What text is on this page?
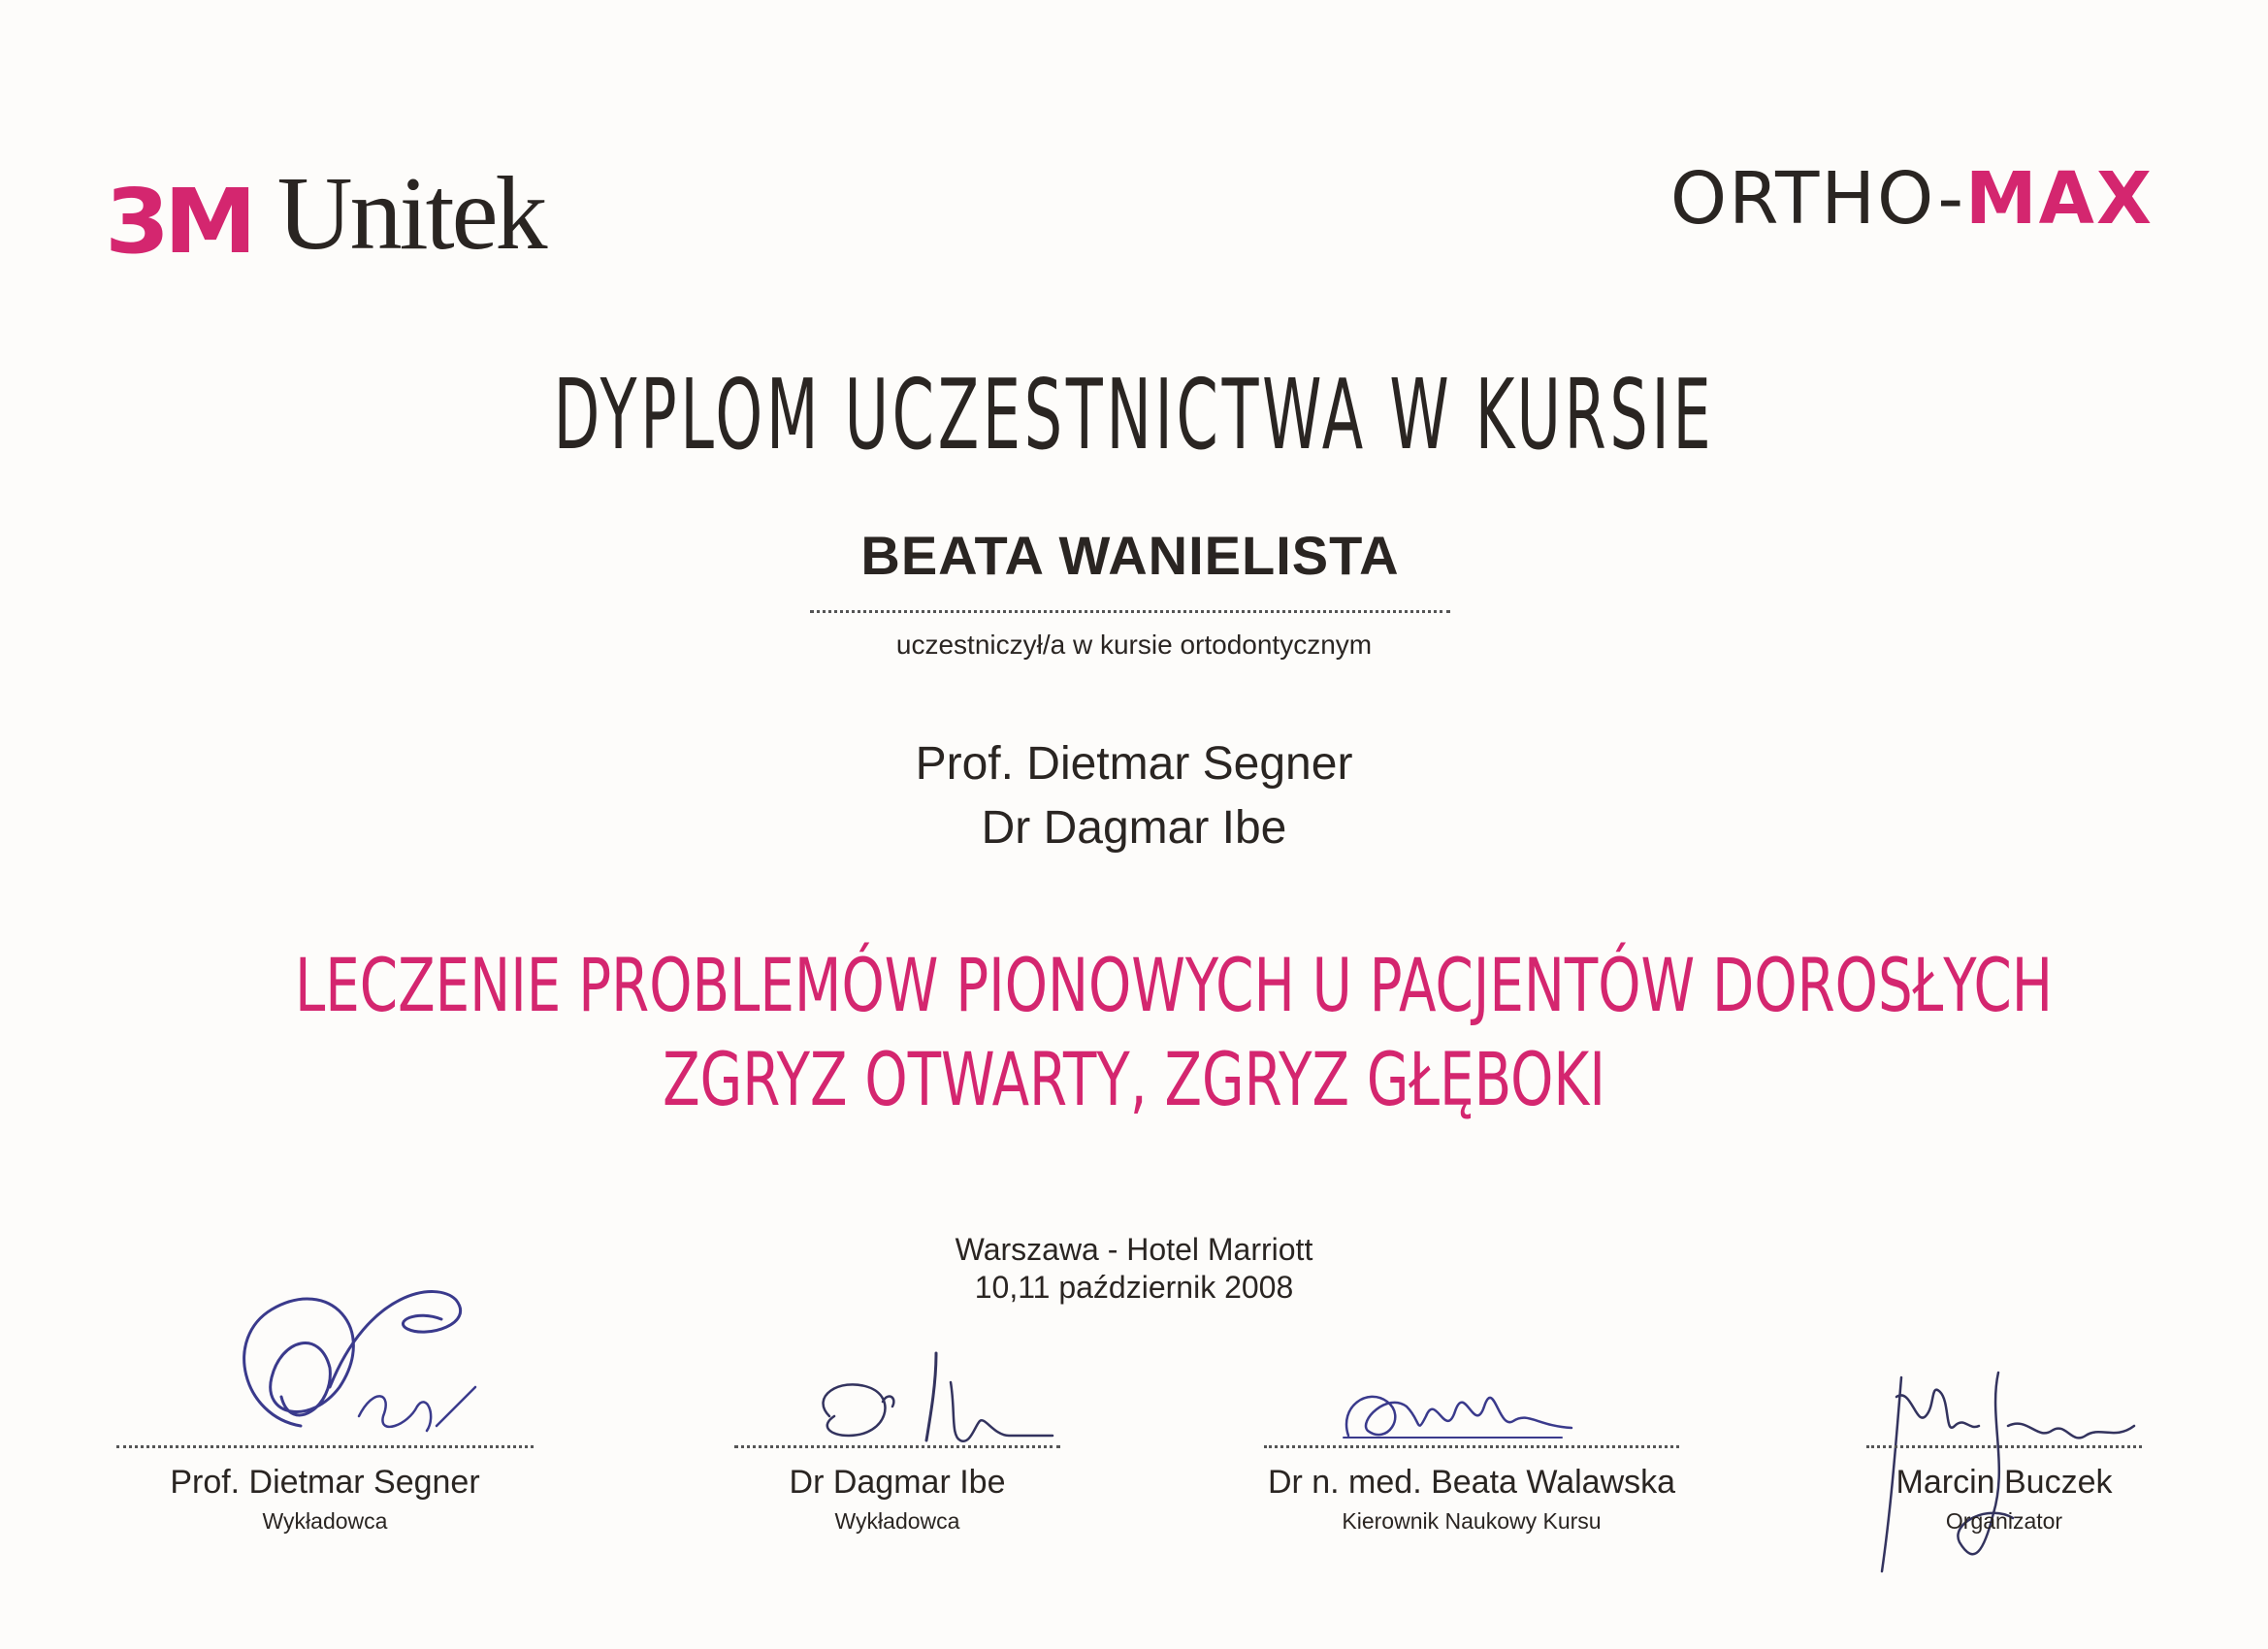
3M Unitek	ORTHO-MAX
DYPLOM UCZESTNICTWA W KURSIE
BEATA WANIELISTA
uczestniczył/a w kursie ortodontycznym
Prof. Dietmar Segner
Dr Dagmar Ibe
LECZENIE PROBLEMÓW PIONOWYCH U PACJENTÓW DOROSŁYCH
ZGRYZ OTWARTY, ZGRYZ GŁĘBOKI
Warszawa - Hotel Marriott
10,11 październik 2008
Prof. Dietmar Segner
Wykładowca
Dr Dagmar Ibe
Wykładowca
Dr n. med. Beata Walawska
Kierownik Naukowy Kursu
Marcin Buczek
Organizator
